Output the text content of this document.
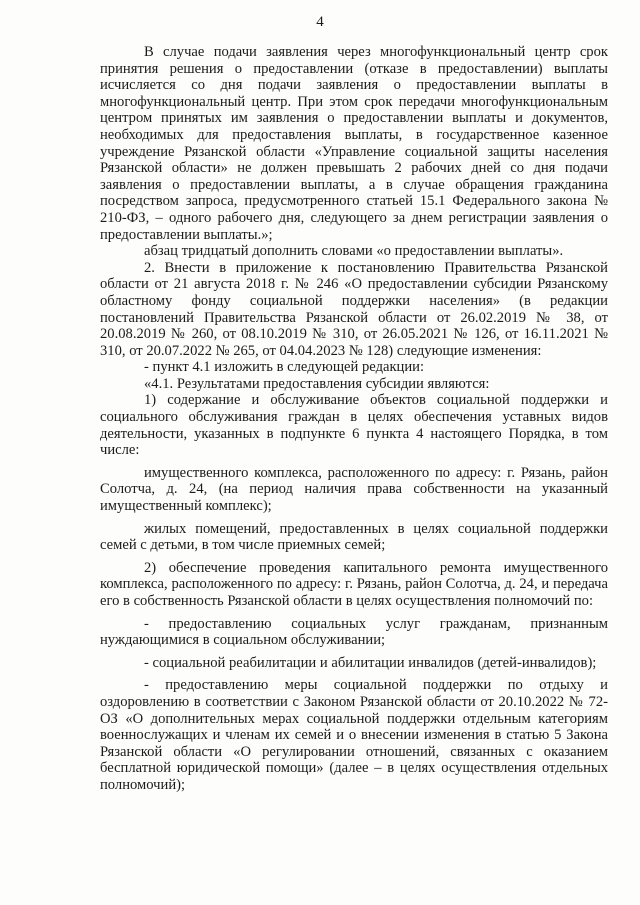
4

В случае подачи заявления через многофункциональный центр срок принятия решения о предоставлении (отказе в предоставлении) выплаты исчисляется со дня подачи заявления о предоставлении выплаты в многофункциональный центр. При этом срок передачи многофункциональным центром принятых им заявления о предоставлении выплаты и документов, необходимых для предоставления выплаты, в государственное казенное учреждение Рязанской области «Управление социальной защиты населения Рязанской области» не должен превышать 2 рабочих дней со дня подачи заявления о предоставлении выплаты, а в случае обращения гражданина посредством запроса, предусмотренного статьей 15.1 Федерального закона № 210-ФЗ, – одного рабочего дня, следующего за днем регистрации заявления о предоставлении выплаты.»;

абзац тридцатый дополнить словами «о предоставлении выплаты».

2. Внести в приложение к постановлению Правительства Рязанской области от 21 августа 2018 г. № 246 «О предоставлении субсидии Рязанскому областному фонду социальной поддержки населения» (в редакции постановлений Правительства Рязанской области от 26.02.2019 № 38, от 20.08.2019 № 260, от 08.10.2019 № 310, от 26.05.2021 № 126, от 16.11.2021 № 310, от 20.07.2022 № 265, от 04.04.2023 № 128) следующие изменения:

- пункт 4.1 изложить в следующей редакции:

«4.1. Результатами предоставления субсидии являются:

1) содержание и обслуживание объектов социальной поддержки и социального обслуживания граждан в целях обеспечения уставных видов деятельности, указанных в подпункте 6 пункта 4 настоящего Порядка, в том числе:

имущественного комплекса, расположенного по адресу: г. Рязань, район Солотча, д. 24, (на период наличия права собственности на указанный имущественный комплекс);

жилых помещений, предоставленных в целях социальной поддержки семей с детьми, в том числе приемных семей;

2) обеспечение проведения капитального ремонта имущественного комплекса, расположенного по адресу: г. Рязань, район Солотча, д. 24, и передача его в собственность Рязанской области в целях осуществления полномочий по:

- предоставлению социальных услуг гражданам, признанным нуждающимися в социальном обслуживании;

- социальной реабилитации и абилитации инвалидов (детей-инвалидов);

- предоставлению меры социальной поддержки по отдыху и оздоровлению в соответствии с Законом Рязанской области от 20.10.2022 № 72-ОЗ «О дополнительных мерах социальной поддержки отдельным категориям военнослужащих и членам их семей и о внесении изменения в статью 5 Закона Рязанской области «О регулировании отношений, связанных с оказанием бесплатной юридической помощи» (далее – в целях осуществления отдельных полномочий);
